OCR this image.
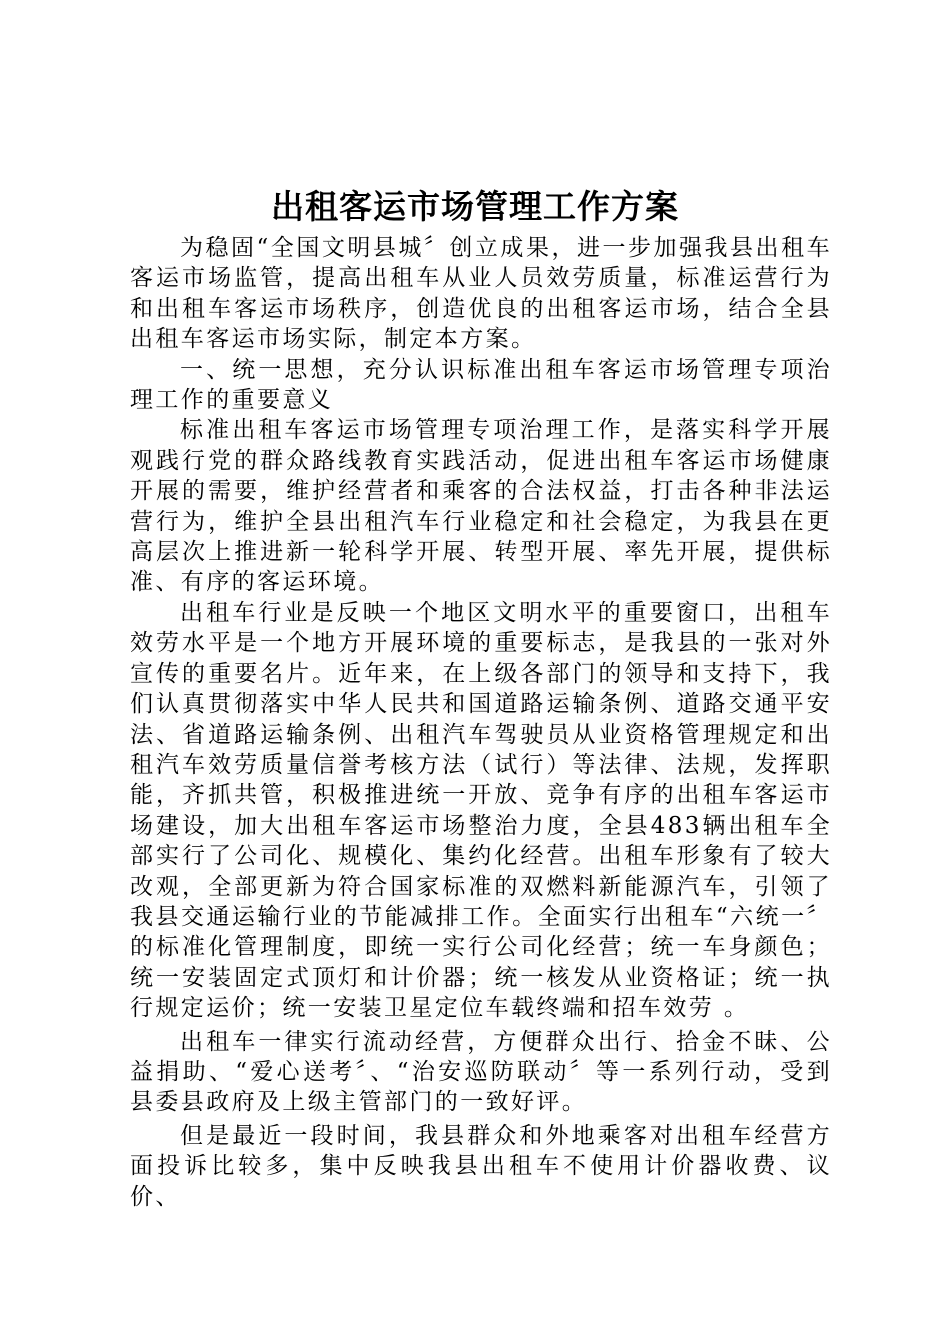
出租客运市场管理工作方案

为稳固“全国文明县城〞创立成果，进一步加强我县出租车客运市场监管，提高出租车从业人员效劳质量，标准运营行为和出租车客运市场秩序，创造优良的出租客运市场，结合全县出租车客运市场实际，制定本方案。

一、统一思想，充分认识标准出租车客运市场管理专项治理工作的重要意义

标准出租车客运市场管理专项治理工作，是落实科学开展观践行党的群众路线教育实践活动，促进出租车客运市场健康开展的需要，维护经营者和乘客的合法权益，打击各种非法运营行为，维护全县出租汽车行业稳定和社会稳定，为我县在更高层次上推进新一轮科学开展、转型开展、率先开展，提供标准、有序的客运环境。

出租车行业是反映一个地区文明水平的重要窗口，出租车效劳水平是一个地方开展环境的重要标志，是我县的一张对外宣传的重要名片。近年来，在上级各部门的领导和支持下，我们认真贯彻落实中华人民共和国道路运输条例、道路交通平安法、省道路运输条例、出租汽车驾驶员从业资格管理规定和出租汽车效劳质量信誉考核方法（试行）等法律、法规，发挥职能，齐抓共管，积极推进统一开放、竞争有序的出租车客运市场建设，加大出租车客运市场整治力度，全县483辆出租车全部实行了公司化、规模化、集约化经营。出租车形象有了较大改观，全部更新为符合国家标准的双燃料新能源汽车，引领了我县交通运输行业的节能减排工作。全面实行出租车“六统一〞的标准化管理制度，即统一实行公司化经营；统一车身颜色；统一安装固定式顶灯和计价器；统一核发从业资格证；统一执行规定运价；统一安装卫星定位车载终端和招车效劳 。

出租车一律实行流动经营，方便群众出行、拾金不昧、公益捐助、“爱心送考〞、“治安巡防联动〞等一系列行动，受到县委县政府及上级主管部门的一致好评。

但是最近一段时间，我县群众和外地乘客对出租车经营方面投诉比较多，集中反映我县出租车不使用计价器收费、议价、
